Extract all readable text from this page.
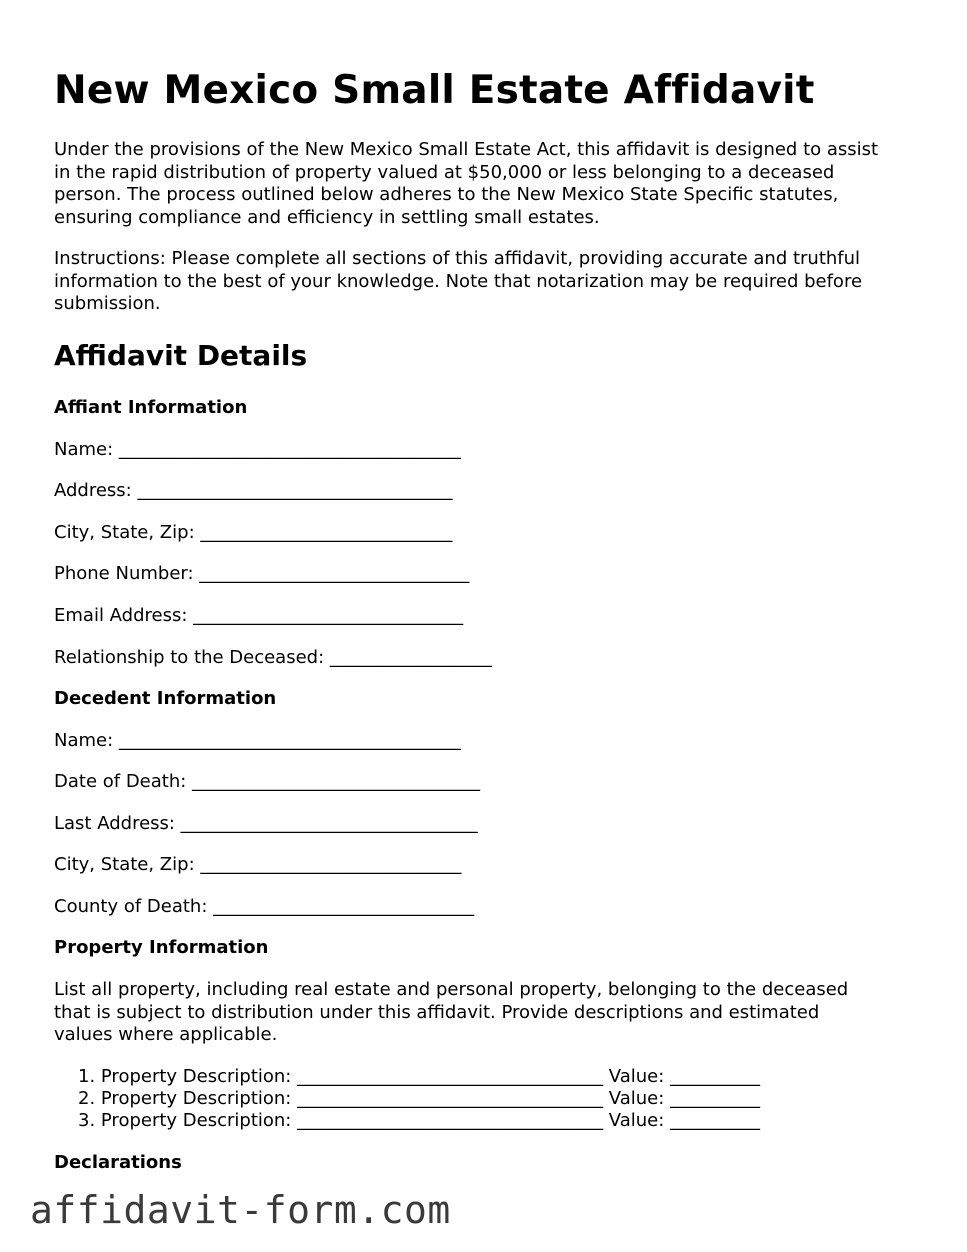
New Mexico Small Estate Affidavit

Under the provisions of the New Mexico Small Estate Act, this affidavit is designed to assist
in the rapid distribution of property valued at $50,000 or less belonging to a deceased
person. The process outlined below adheres to the New Mexico State Specific statutes,
ensuring compliance and efficiency in settling small estates.

Instructions: Please complete all sections of this affidavit, providing accurate and truthful
information to the best of your knowledge. Note that notarization may be required before
submission.

Affidavit Details

Affiant Information

Name: ______________________________________

Address: ___________________________________

City, State, Zip: ____________________________

Phone Number: ______________________________

Email Address: ______________________________

Relationship to the Deceased: __________________

Decedent Information

Name: ______________________________________

Date of Death: ________________________________

Last Address: _________________________________

City, State, Zip: _____________________________

County of Death: _____________________________

Property Information

List all property, including real estate and personal property, belonging to the deceased
that is subject to distribution under this affidavit. Provide descriptions and estimated
values where applicable.

1. Property Description: __________________________________ Value: __________

2. Property Description: __________________________________ Value: __________

3. Property Description: __________________________________ Value: __________

Declarations

affidavit-form.com
